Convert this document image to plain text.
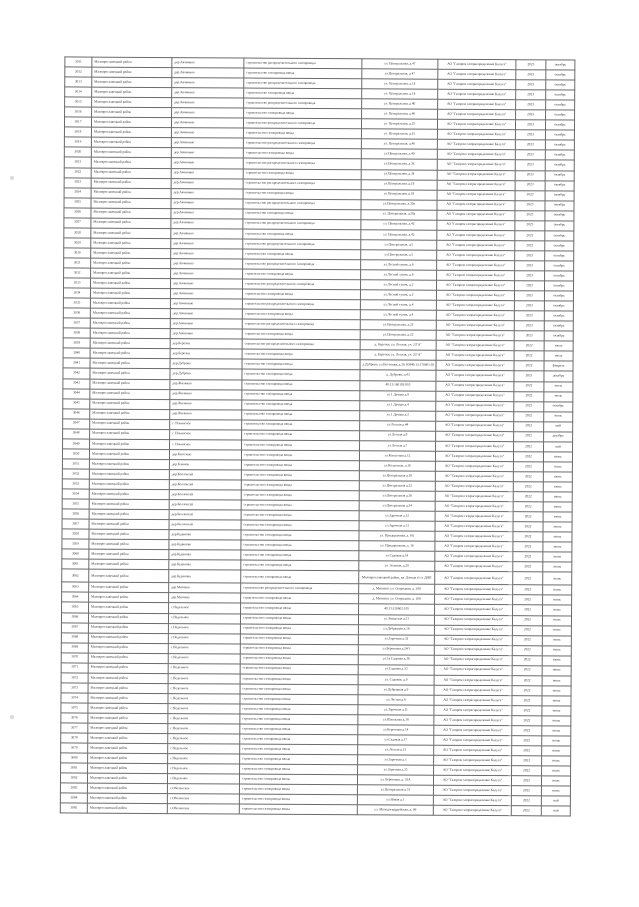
3011	Малоярославецкий район	дер.Авчинино	строительство распределительного газопровода	ул. Центральная, д.47	АО "Газпром газораспределение Калуга"	2023	октябрь
3012	Малоярославецкий район	дер.Авчинино	строительство газопровода ввода	ул.Центральная, д.47	АО "Газпром газораспределение Калуга"	2023	октябрь
3013	Малоярославецкий район	дер.Авчинино	строительство распределительного газопровода	ул. Центральная, д.14	АО "Газпром газораспределение Калуга"	2023	октябрь
3014	Малоярославецкий район	дер.Авчинино	строительство газопровода ввода	ул. Центральная, д.14	АО "Газпром газораспределение Калуга"	2023	октябрь
3015	Малоярославецкий район	дер.Авчинино	строительство распределительного газопровода	ул. Центральная, д.40	АО "Газпром газораспределение Калуга"	2023	октябрь
3016	Малоярославецкий район	дер.Авчинино	строительство газопровода ввода	ул. Центральная, д.40	АО "Газпром газораспределение Калуга"	2023	октябрь
3017	Малоярославецкий район	дер.Авчинино	строительство распределительного газопровода	ул. Центральная, д.25	АО "Газпром газораспределение Калуга"	2023	октябрь
3018	Малоярославецкий район	дер.Авчинино	строительство газопровода ввода	ул. Центральная, д.25	АО "Газпром газораспределение Калуга"	2023	октябрь
3019	Малоярославецкий район	дер.Авчинино	строительство распределительного газопровода	ул. Центральная, д.40	АО "Газпром газораспределение Калуга"	2023	октябрь
3020	Малоярославецкий район	дер.Авчинино	строительство газопровода ввода	ул.Центральная, д.40	АО "Газпром газораспределение Калуга"	2023	октябрь
3021	Малоярославецкий район	дер.Авчинино	строительство распределительного газопровода	ул.Центральная, д.34	АО "Газпром газораспределение Калуга"	2023	октябрь
3022	Малоярославецкий район	дер.Авчинино	строительство газопровода ввода	ул.Центральная, д.34	АО "Газпром газораспределение Калуга"	2023	октябрь
3023	Малоярославецкий район	дер.Авчинино	строительство распределительного газопровода	ул.Центральная, д.18	АО "Газпром газораспределение Калуга"	2023	октябрь
3024	Малоярославецкий район	дер.Авчинино	строительство газопровода ввода	ул.Центральная, д.18	АО "Газпром газораспределение Калуга"	2023	октябрь
3025	Малоярославецкий район	дер.Авчинино	строительство распределительного газопровода	ул.Центральная, д.30а	АО "Газпром газораспределение Калуга"	2023	октябрь
3026	Малоярославецкий район	дер.Авчинино	строительство газопровода ввода	ул. Центральная, д.30а	АО "Газпром газораспределение Калуга"	2023	октябрь
3027	Малоярославецкий район	дер.Авчинино	строительство распределительного газопровода	ул. Центральная, д.42	АО "Газпром газораспределение Калуга"	2023	октябрь
3028	Малоярославецкий район	дер.Авчинино	строительство газопровода ввода	ул. Центральная, д.42	АО "Газпром газораспределение Калуга"	2023	октябрь
3029	Малоярославецкий район	дер.Авчинино	строительство распределительного газопровода	ул.Центральная, д.5	АО "Газпром газораспределение Калуга"	2023	октябрь
3030	Малоярославецкий район	дер.Авчинино	строительство газопровода ввода	ул.Центральная, д.5	АО "Газпром газораспределение Калуга"	2023	октябрь
3031	Малоярославецкий район	дер.Авчинино	строительство распределительного газопровода	ул.Лесной тупик, д.6	АО "Газпром газораспределение Калуга"	2023	октябрь
3032	Малоярославецкий район	дер.Авчинино	строительство газопровода ввода	ул.Лесной тупик, д.6	АО "Газпром газораспределение Калуга"	2023	октябрь
3033	Малоярославецкий район	дер.Авчинино	строительство распределительного газопровода	ул.Лесной тупик, д.2	АО "Газпром газораспределение Калуга"	2023	октябрь
3034	Малоярославецкий район	дер.Авчинино	строительство газопровода ввода	ул.Лесной тупик, д.2	АО "Газпром газораспределение Калуга"	2023	октябрь
3035	Малоярославецкий район	дер.Авчинино	строительство распределительного газопровода	ул.Лесной тупик, д.4	АО "Газпром газораспределение Калуга"	2023	октябрь
3036	Малоярославецкий район	дер.Авчинино	строительство газопровода ввода	ул.Лесной тупик, д.4	АО "Газпром газораспределение Калуга"	2023	октябрь
3037	Малоярославецкий район	дер.Авчинино	строительство распределительного газопровода	ул.Центральная, д.22	АО "Газпром газораспределение Калуга"	2023	октябрь
3038	Малоярославецкий район	дер.Авчинино	строительство газопровода ввода	ул.Центральная, д.22	АО "Газпром газораспределение Калуга"	2023	октябрь
3039	Малоярославецкий район	дер.Березки	строительство распределительного газопровода	д. Березки, ул. Лесная, уч. 23"А"	АО "Газпром газораспределение Калуга"	2022	июль
3040	Малоярославецкий район	дер.Березки	строительство газопровода ввода	д. Березки, ул. Лесная, уч. 23"А"	АО "Газпром газораспределение Калуга"	2022	июль
3041	Малоярославецкий район	дер.Дуброво	строительство газопровода ввода	д.Дуброво, ул.Весенняя, д.30, КН40:13:170401:93	АО "Газпром газораспределение Калуга"	2022	февраль
3042	Малоярославецкий район	дер.Дуброво	строительство газопровода ввода	д. Дуброво, д.43	АО "Газпром газораспределение Калуга"	2021	декабрь
3043	Малоярославецкий район	дер.Жилкино	строительство газопровода ввода	40:13:160102:810	АО "Газпром газораспределение Калуга"	2022	июль
3044	Малоярославецкий район	дер.Жилкино	строительство газопровода ввода	ул.1 Дачная д.9	АО "Газпром газораспределение Калуга"	2022	июль
3045	Малоярославецкий район	дер.Жилкино	строительство газопровода ввода	ул.1 Дачная д.4	АО "Газпром газораспределение Калуга"	2022	октябрь
3046	Малоярославецкий район	дер.Жилкино	строительство газопровода ввода	ул.1 Дачная д.3	АО "Газпром газораспределение Калуга"	2022	июль
3047	Малоярославецкий район	с. Ильинское	строительство газопровода ввода	ул.Лесная д.44	АО "Газпром газораспределение Калуга"	2022	май
3048	Малоярославецкий район	с. Ильинское	строительство газопровода ввода	ул.Лесная д.8	АО "Газпром газораспределение Калуга"	2022	декабрь
3049	Малоярославецкий район	с. Ильинское	строительство газопровода ввода	ул.Лесная д.7	АО "Газпром газораспределение Калуга"	2022	май
3050	Малоярославецкий район	дер.Киселево	строительство газопровода ввода	ул.Колхозная д.12	АО "Газпром газораспределение Калуга"	2022	июнь
3051	Малоярославецкий район	дер.Климов	строительство газопровода ввода	ул.Колхозная, д.16	АО "Газпром газораспределение Калуга"	2022	июль
3052	Малоярославецкий район	дер.Коллонтай	строительство газопровода ввода	ул.Центральная д.18	АО "Газпром газораспределение Калуга"	2022	июнь
3053	Малоярославецкий район	дер.Коллонтай	строительство газопровода ввода	ул.Центральная д.22	АО "Газпром газораспределение Калуга"	2022	июнь
3054	Малоярославецкий район	дер.Коллонтай	строительство газопровода ввода	ул.Центральная д.26	АО "Газпром газораспределение Калуга"	2022	июнь
3055	Малоярославецкий район	дер.Коллонтай	строительство газопровода ввода	ул.Центральная д.24	АО "Газпром газораспределение Калуга"	2022	июнь
3056	Малоярославецкий район	дер.Коллонтай	строительство газопровода ввода	ул.Заречная д.12	АО "Газпром газораспределение Калуга"	2022	июнь
3057	Малоярославецкий район	дер.Коллонтай	строительство газопровода ввода	ул.Заречная д.13	АО "Газпром газораспределение Калуга"	2022	июнь
3058	Малоярославецкий район	дер.Кудиново	строительство газопровода ввода	ул. Придорожная, д. 8А	АО "Газпром газораспределение Калуга"	2022	июнь
3059	Малоярославецкий район	дер.Кудиново	строительство газопровода ввода	ул. Придорожная, д. 10	АО "Газпром газораспределение Калуга"	2022	июнь
3060	Малоярославецкий район	дер.Кудиново	строительство газопровода ввода	ул.Садовая д.14	АО "Газпром газораспределение Калуга"	2022	июнь
3061	Малоярославецкий район	дер.Кудиново	строительство газопровода ввода	ул. Зеленая, д.29	АО "Газпром газораспределение Калуга"	2022	июнь
3062	Малоярославецкий район	дер.Кудиново	строительство газопровода ввода	Малоярославецкий район, кв. Дачная 4 с/т ДНП	АО "Газпром газораспределение Калуга"	2022	июнь
3063	Малоярославецкий район	дер.Митяево	строительство распределительного газопровода	д. Митяево, ул. Огородная, д. 108	АО "Газпром газораспределение Калуга"	2022	июнь
3064	Малоярославецкий район	дер.Митяево	строительство газопровода ввода	д. Митяево, ул. Огородная, д. 108	АО "Газпром газораспределение Калуга"	2022	июнь
3065	Малоярославецкий район	с.Недельное	строительство газопровода ввода	40:13:150602:105	АО "Газпром газораспределение Калуга"	2022	июль
3066	Малоярославецкий район	с.Недельное	строительство газопровода ввода	ул.Заводская д.31	АО "Газпром газораспределение Калуга"	2022	июль
3067	Малоярославецкий район	с.Недельное	строительство газопровода ввода	ул.Дубравная д.16	АО "Газпром газораспределение Калуга"	2022	июль
3068	Малоярославецкий район	с.Недельное	строительство газопровода ввода	ул.Заречная д.32	АО "Газпром газораспределение Калуга"	2022	июль
3069	Малоярославецкий район	с.Недельное	строительство газопровода ввода	ул.Береговая д.24/1	АО "Газпром газораспределение Калуга"	2022	июль
3070	Малоярославецкий район	с.Недельное	строительство газопровода ввода	ул.1я Садовая д.36	АО "Газпром газораспределение Калуга"	2022	июнь
3071	Малоярославецкий район	с.Недельное	строительство газопровода ввода	ул.Садовая д.33	АО "Газпром газораспределение Калуга"	2022	июнь
3072	Малоярославецкий район	с.Недельное	строительство газопровода ввода	ул. Садовая, д.9	АО "Газпром газораспределение Калуга"	2022	июнь
3073	Малоярославецкий район	с.Недельное	строительство газопровода ввода	ул.Дубравная д.9	АО "Газпром газораспределение Калуга"	2022	июнь
3074	Малоярославецкий район	с.Недельное	строительство газопровода ввода	ул.Лесная д.6	АО "Газпром газораспределение Калуга"	2022	июнь
3075	Малоярославецкий район	с.Недельное	строительство газопровода ввода	ул.Заречная д.11	АО "Газпром газораспределение Калуга"	2022	июнь
3076	Малоярославецкий район	с.Недельное	строительство газопровода ввода	ул.Школьная д.18	АО "Газпром газораспределение Калуга"	2022	июнь
3077	Малоярославецкий район	с.Недельное	строительство газопровода ввода	ул.Береговая д.14	АО "Газпром газораспределение Калуга"	2022	июнь
3078	Малоярославецкий район	с.Недельное	строительство газопровода ввода	ул.Садовая д.17	АО "Газпром газораспределение Калуга"	2022	июнь
3079	Малоярославецкий район	с.Недельное	строительство газопровода ввода	ул.Лесная д.12	АО "Газпром газораспределение Калуга"	2022	июнь
3080	Малоярославецкий район	с.Недельное	строительство газопровода ввода	ул.Заречная д.1	АО "Газпром газораспределение Калуга"	2022	июль
3081	Малоярославецкий район	с.Недельное	строительство газопровода ввода	ул.Заречная д.33	АО "Газпром газораспределение Калуга"	2022	июль
3082	Малоярославецкий район	с.Недельное	строительство газопровода ввода	ул. Береговая, д. 33А	АО "Газпром газораспределение Калуга"	2022	июль
3083	Малоярославецкий район	с.Оболенское	строительство газопровода ввода	ул.Центральная д.31	АО "Газпром газораспределение Калуга"	2022	июль
3084	Малоярославецкий район	с.Оболенское	строительство газопровода ввода	ул.Новая д.1	АО "Газпром газораспределение Калуга"	2022	май
3085	Малоярославецкий район	с.Оболенское	строительство газопровода ввода	ул. Молодогвардейская, д. 99	АО "Газпром газораспределение Калуга"	2022	май
